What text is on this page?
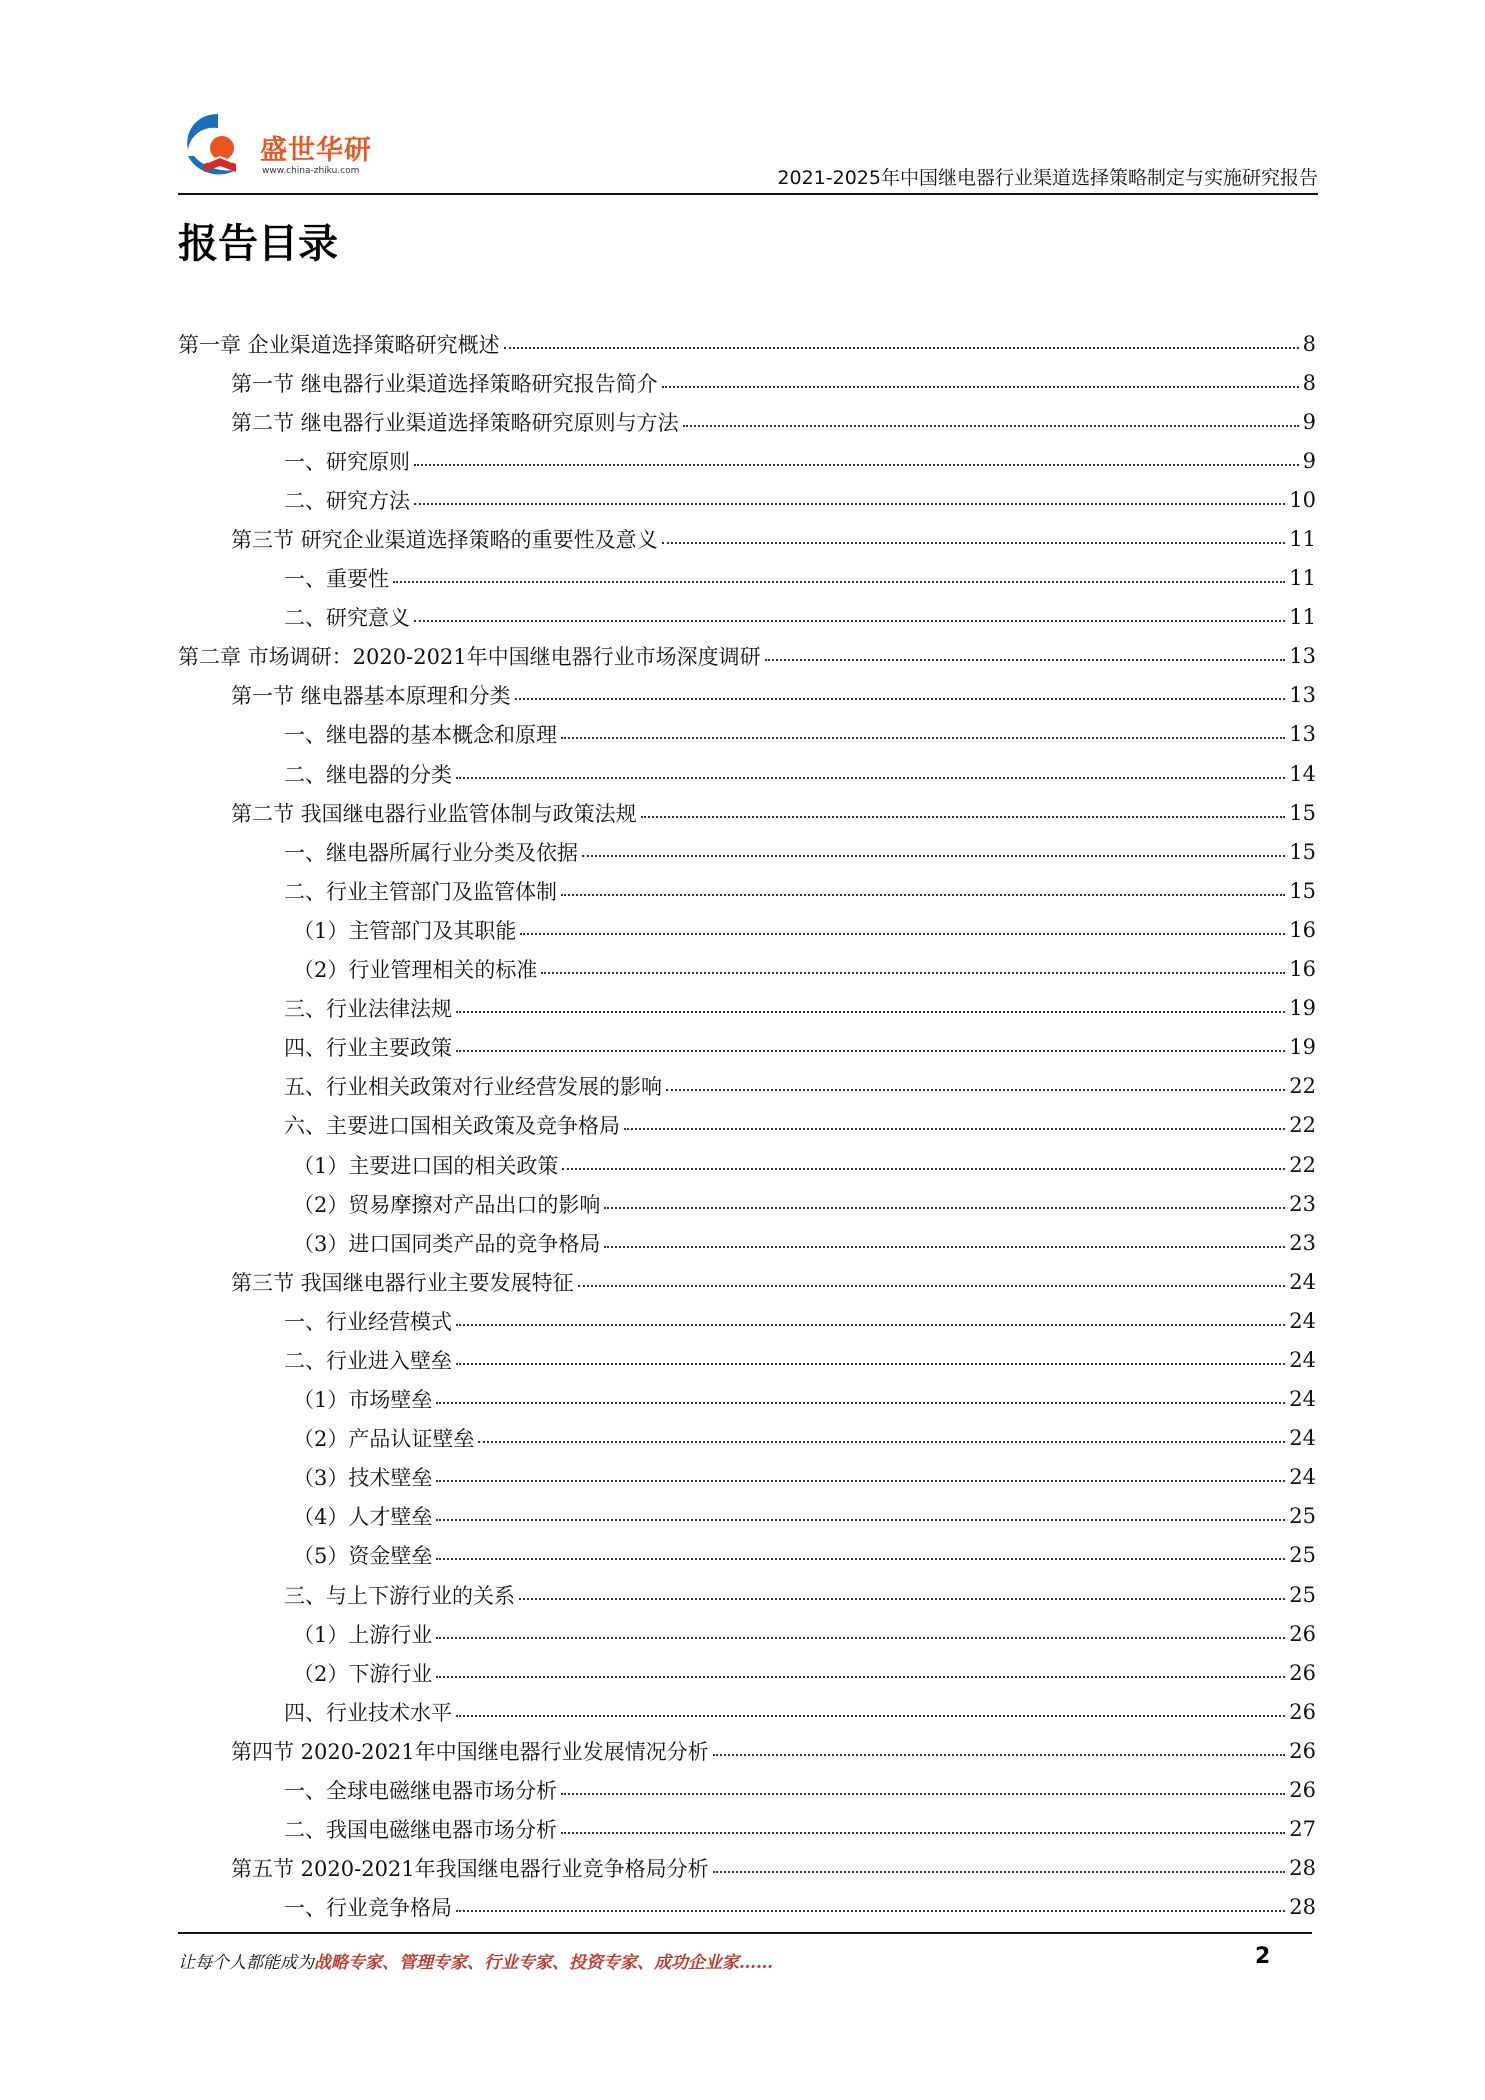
盛世华研
www.china-zhiku.com	2021-2025年中国继电器行业渠道选择策略制定与实施研究报告
报告目录
第一章 企业渠道选择策略研究概述	8
第一节 继电器行业渠道选择策略研究报告简介	8
第二节 继电器行业渠道选择策略研究原则与方法	9
一、研究原则	9
二、研究方法	10
第三节 研究企业渠道选择策略的重要性及意义	11
一、重要性	11
二、研究意义	11
第二章 市场调研：2020-2021年中国继电器行业市场深度调研	13
第一节 继电器基本原理和分类	13
一、继电器的基本概念和原理	13
二、继电器的分类	14
第二节 我国继电器行业监管体制与政策法规	15
一、继电器所属行业分类及依据	15
二、行业主管部门及监管体制	15
（1）主管部门及其职能	16
（2）行业管理相关的标准	16
三、行业法律法规	19
四、行业主要政策	19
五、行业相关政策对行业经营发展的影响	22
六、主要进口国相关政策及竞争格局	22
（1）主要进口国的相关政策	22
（2）贸易摩擦对产品出口的影响	23
（3）进口国同类产品的竞争格局	23
第三节 我国继电器行业主要发展特征	24
一、行业经营模式	24
二、行业进入壁垒	24
（1）市场壁垒	24
（2）产品认证壁垒	24
（3）技术壁垒	24
（4）人才壁垒	25
（5）资金壁垒	25
三、与上下游行业的关系	25
（1）上游行业	26
（2）下游行业	26
四、行业技术水平	26
第四节 2020-2021年中国继电器行业发展情况分析	26
一、全球电磁继电器市场分析	26
二、我国电磁继电器市场分析	27
第五节 2020-2021年我国继电器行业竞争格局分析	28
一、行业竞争格局	28
让每个人都能成为战略专家、管理专家、行业专家、投资专家、成功企业家……	2
